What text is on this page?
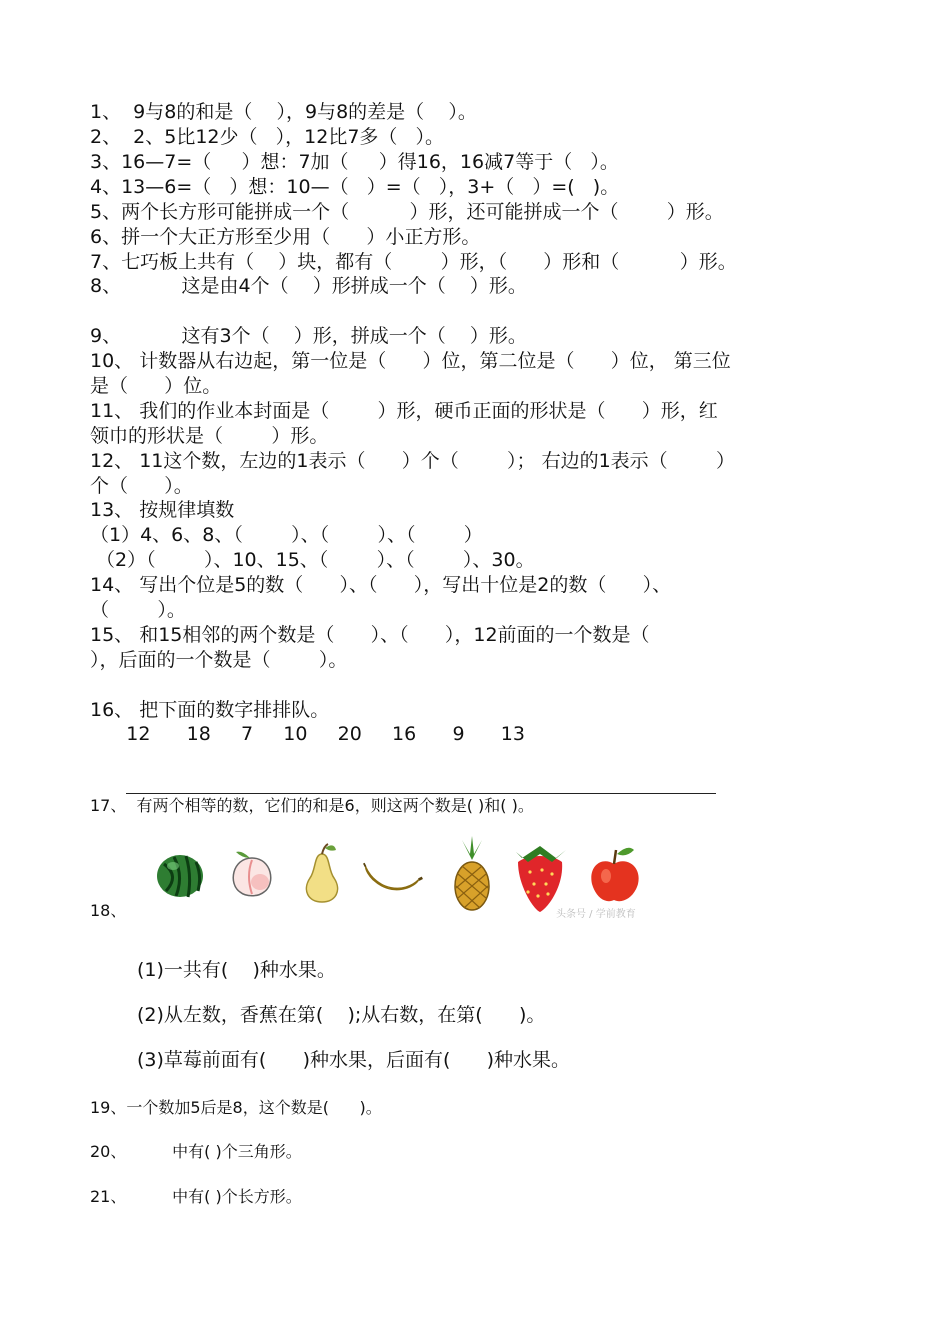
1、  9与8的和是（    ），9与8的差是（    ）。
2、  2、5比12少（   ），12比7多（   ）。
3、16—7=（     ）想：7加（     ）得16，16减7等于（   ）。
4、13—6=（   ）想：10—（   ）=（   ），3+（   ）=(   )。
5、两个长方形可能拼成一个（          ）形，还可能拼成一个（        ）形。
6、拼一个大正方形至少用（      ）小正方形。
7、七巧板上共有（    ）块，都有（        ）形，（      ）形和（          ）形。
8、          这是由4个（    ）形拼成一个（    ）形。
9、          这有3个（    ）形，拼成一个（    ）形。
10、 计数器从右边起，第一位是（      ）位，第二位是（      ）位， 第三位
是（      ）位。
11、 我们的作业本封面是（        ）形，硬币正面的形状是（      ）形，红
领巾的形状是（        ）形。
12、 11这个数，左边的1表示（      ）个（        ）； 右边的1表示（        ）
个（      ）。
13、 按规律填数
（1）4、6、8、（        ）、（        ）、（        ）
（2）（        ）、10、15、（        ）、（        ）、30。
14、 写出个位是5的数（      ）、（      ），写出十位是2的数（      ）、
（        ）。
15、 和15相邻的两个数是（      ）、（      ），12前面的一个数是（
），后面的一个数是（        ）。
16、 把下面的数字排排队。
12      18     7     10     20     16      9      13
17、  有两个相等的数，它们的和是6，则这两个数是( )和( )。
头条号 / 学前教育
18、
(1)一共有(    )种水果。
(2)从左数，香蕉在第(    );从右数，在第(      )。
(3)草莓前面有(      )种水果，后面有(      )种水果。
19、一个数加5后是8，这个数是(      )。
20、         中有( )个三角形。
21、         中有( )个长方形。
